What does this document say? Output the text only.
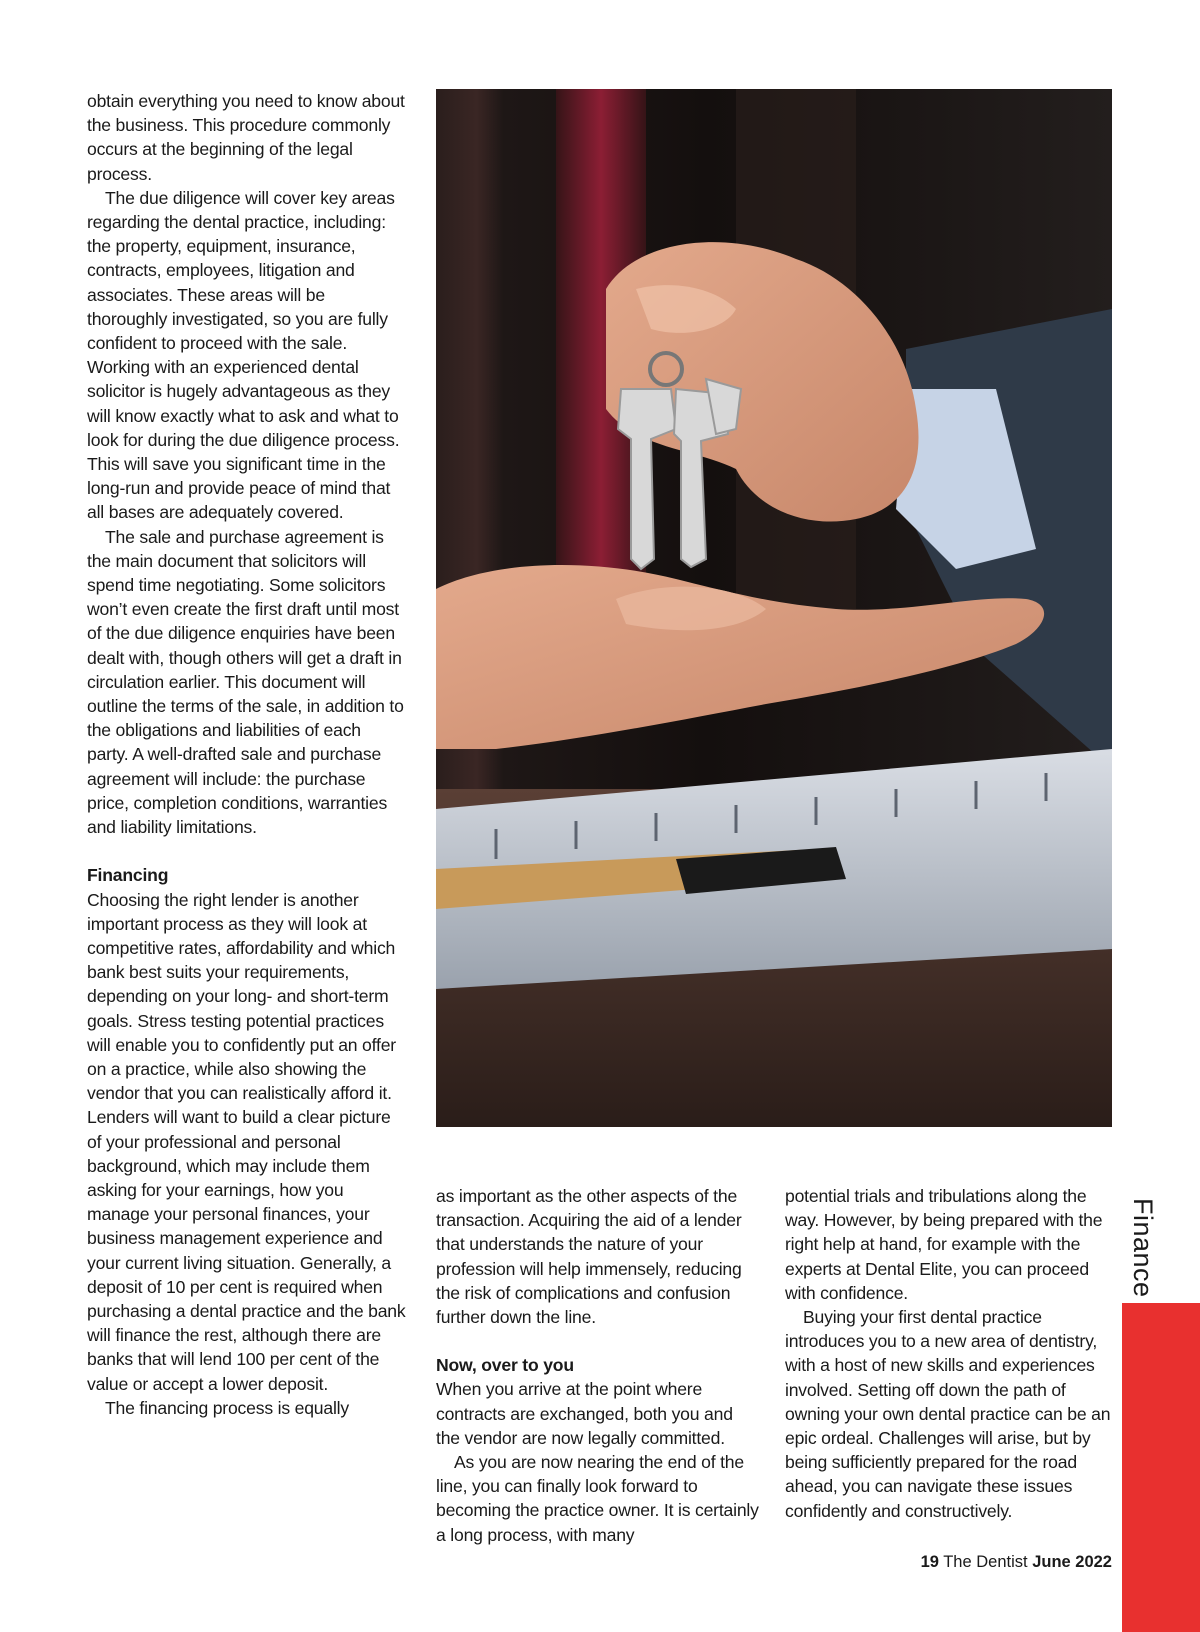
obtain everything you need to know about the business. This procedure commonly occurs at the beginning of the legal process.

The due diligence will cover key areas regarding the dental practice, including: the property, equipment, insurance, contracts, employees, litigation and associates. These areas will be thoroughly investigated, so you are fully confident to proceed with the sale. Working with an experienced dental solicitor is hugely advantageous as they will know exactly what to ask and what to look for during the due diligence process. This will save you significant time in the long-run and provide peace of mind that all bases are adequately covered.

The sale and purchase agreement is the main document that solicitors will spend time negotiating. Some solicitors won’t even create the first draft until most of the due diligence enquiries have been dealt with, though others will get a draft in circulation earlier. This document will outline the terms of the sale, in addition to the obligations and liabilities of each party. A well-drafted sale and purchase agreement will include: the purchase price, completion conditions, warranties and liability limitations.

Financing

Choosing the right lender is another important process as they will look at competitive rates, affordability and which bank best suits your requirements, depending on your long- and short-term goals. Stress testing potential practices will enable you to confidently put an offer on a practice, while also showing the vendor that you can realistically afford it. Lenders will want to build a clear picture of your professional and personal background, which may include them asking for your earnings, how you manage your personal finances, your business management experience and your current living situation. Generally, a deposit of 10 per cent is required when purchasing a dental practice and the bank will finance the rest, although there are banks that will lend 100 per cent of the value or accept a lower deposit.

The financing process is equally

as important as the other aspects of the transaction. Acquiring the aid of a lender that understands the nature of your profession will help immensely, reducing the risk of complications and confusion further down the line.

Now, over to you

When you arrive at the point where contracts are exchanged, both you and the vendor are now legally committed.

As you are now nearing the end of the line, you can finally look forward to becoming the practice owner. It is certainly a long process, with many

potential trials and tribulations along the way. However, by being prepared with the right help at hand, for example with the experts at Dental Elite, you can proceed with confidence.

Buying your first dental practice introduces you to a new area of dentistry, with a host of new skills and experiences involved. Setting off down the path of owning your own dental practice can be an epic ordeal. Challenges will arise, but by being sufficiently prepared for the road ahead, you can navigate these issues confidently and constructively.

Finance
19 The Dentist June 2022
